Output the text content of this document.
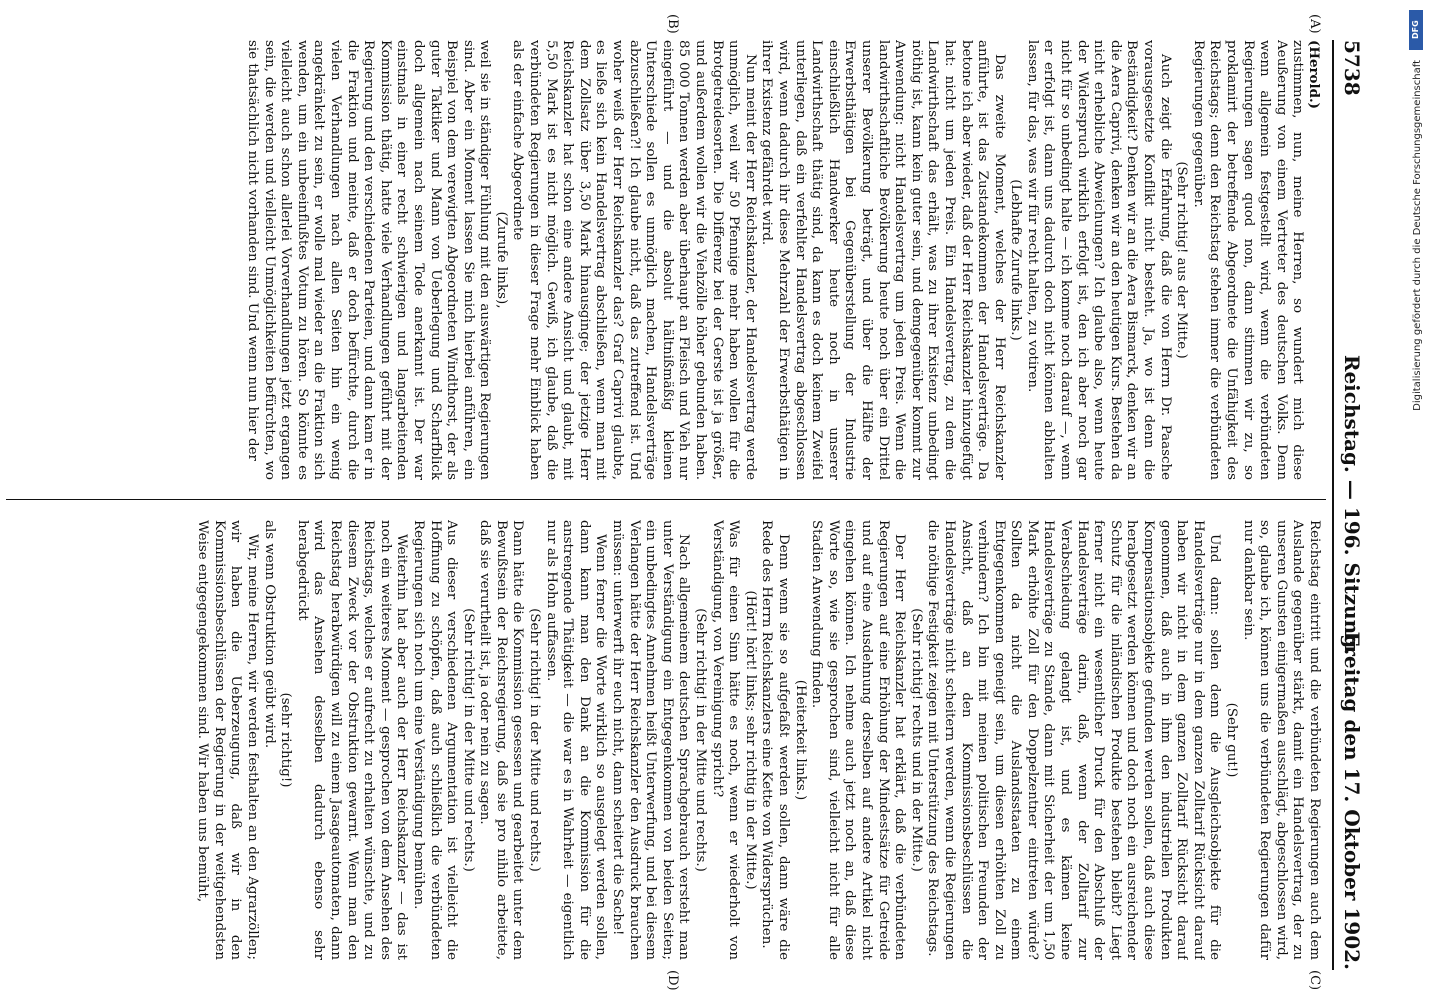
5738
Reichstag. — 196. Sitzung.
Freitag den 17. Oktober 1902.
(A)
(B)
(C)
(D)

(Herold.)

zustimmen, nun, meine Herren, so wundert mich diese Aeußerung von einem Vertreter des deutschen Volks. Denn wenn allgemein festgestellt wird, wenn die verbündeten Regierungen sagen quod non, dann stimmen wir zu, so proklamirt der betreffende Abgeordnete die Unfähigkeit des Reichstags; denn den Reichstag stehen immer die verbündeten Regierungen gegenüber.

(Sehr richtig! aus der Mitte.)

Auch zeigt die Erfahrung, daß die von Herrn Dr. Paasche vorausgesetzte Konflikt nicht besteht. Ja, wo ist denn die Beständigkeit? Denken wir an die Aera Bismarck, denken wir an die Aera Caprivi, denken wir an den heutigen Kurs. Bestehen da nicht erhebliche Abweichungen? Ich glaube also, wenn heute der Widerspruch wirklich erfolgt ist, den ich aber noch gar nicht für so unbedingt halte — ich komme noch darauf —, wenn er erfolgt ist, dann uns dadurch doch nicht können abhalten lassen, für das, was wir für recht halten, zu votiren.

(Lebhafte Zurufe links.)

Das zweite Moment, welches der Herr Reichskanzler anführte, ist das Zustandekommen der Handelsverträge. Da betone ich aber wieder, daß der Herr Reichskanzler hinzugefügt hat: nicht um jeden Preis. Ein Handelsvertrag, zu dem die Landwirthschaft das erhält, was zu ihrer Existenz unbedingt nöthig ist, kann kein guter sein, und demgegenüber kommt zur Anwendung: nicht Handelsvertrag um jeden Preis. Wenn die landwirthschaftliche Bevölkerung heute noch über ein Drittel unserer Bevölkerung beträgt, und über die Hälfte der Erwerbsthätigen bei Gegenüberstellung der Industrie einschließlich Handwerker heute noch in unserer Landwirthschaft thätig sind, da kann es doch keinem Zweifel unterliegen, daß ein verfehlter Handelsvertrag abgeschlossen wird, wenn dadurch ihr diese Mehrzahl der Erwerbsthätigen in ihrer Existenz gefährdet wird.

Nun meint der Herr Reichskanzler, der Handelsvertrag werde unmöglich, weil wir 50 Pfennige mehr haben wollen für die Brotgetreidesorten. Die Differenz bei der Gerste ist ja größer, und außerdem wollen wir die Viehzölle höher gebunden haben. 85 000 Tonnen werden aber überhaupt an Fleisch und Vieh nur eingeführt — und die absolut hältnißmäßig kleinen Unterschiede sollen es unmöglich machen, Handelsverträge abzuschließen?! Ich glaube nicht, daß das zutreffend ist. Und woher weiß der Herr Reichskanzler das? Graf Caprivi glaubte, es ließe sich kein Handelsvertrag abschließen, wenn man mit dem Zollsatz über 3,50 Mark hinausginge; der jetzige Herr Reichskanzler hat schon eine andere Ansicht und glaubt, mit 5,50 Mark ist es nicht möglich. Gewiß, ich glaube, daß die verbündeten Regierungen in dieser Frage mehr Einblick haben als der einfache Abgeordnete

(Zurufe links),

weil sie in ständiger Fühlung mit den auswärtigen Regierungen sind. Aber ein Moment lassen Sie mich hierbei anführen, ein Beispiel von dem verewigten Abgeordneten Windthorst, der als guter Taktiker und Mann von Ueberlegung und Scharfblick doch allgemein nach seinem Tode anerkannt ist. Der war einstmals in einer recht schwierigen und langarbeitenden Kommission thätig, hatte viele Verhandlungen geführt mit der Regierung und den verschiedenen Parteien, und dann kam er in die Fraktion und meinte, daß er doch befürchte, durch die vielen Verhandlungen nach allen Seiten hin ein wenig angekränkelt zu sein, er wolle mal wieder an die Fraktion sich wenden, um ein unbeeinflußtes Votum zu hören. So könnte es vielleicht auch schon allerlei Vorverhandlungen jetzt ergangen sein, die werden und vielleicht Unmöglichkeiten befürchten, wo sie thatsächlich nicht vorhanden sind. Und wenn nun hier der

Reichstag eintritt und die verbündeten Regierungen auch dem Auslande gegenüber stärkt, damit ein Handelsvertrag, der zu unseren Gunsten einigermaßen ausschlägt, abgeschlossen wird, so, glaube ich, können uns die verbündeten Regierungen dafür nur dankbar sein.

(Sehr gut!)

Und dann: sollen denn die Ausgleichsobjekte für die Handelsverträge nur in dem ganzen Zolltarif Rücksicht darauf haben wir nicht in dem ganzen Zolltarif Rücksicht darauf genommen, daß auch in ihm den industriellen Produkten Kompensationsobjekte gefunden werden sollen, daß auch diese herabgesetzt werden können und doch noch ein ausreichender Schutz für die inländischen Produkte bestehen bleibt? Liegt ferner nicht ein wesentlicher Druck für den Abschluß der Handelsverträge darin, daß, wenn der Zolltarif zur Verabschiedung gelangt ist, und es kämen keine Handelsverträge zu Stande, dann mit Sicherheit der um 1,50 Mark erhöhte Zoll für den Doppelzentner eintreten würde? Sollten da nicht die Auslandsstaaten zu einem Entgegenkommen geneigt sein, um diesen erhöhten Zoll zu verhindern? Ich bin mit meinen politischen Freunden der Ansicht, daß an den Kommissionsbeschlüssen die Handelsverträge nicht scheitern werden, wenn die Regierungen die nöthige Festigkeit zeigen mit Unterstützung des Reichstags.

(Sehr richtig! rechts und in der Mitte.)

Der Herr Reichskanzler hat erklärt, daß die verbündeten Regierungen auf eine Erhöhung der Mindestsätze für Getreide und auf eine Ausdehnung derselben auf andere Artikel nicht eingehen können. Ich nehme auch jetzt noch an, daß diese Worte so, wie sie gesprochen sind, vielleicht nicht für alle Stadien Anwendung finden.

(Heiterkeit links.)

Denn wenn sie so aufgefaßt werden sollen, dann wäre die Rede des Herrn Reichskanzlers eine Kette von Widersprüchen.

(Hört! hört! links; sehr richtig in der Mitte.)

Was für einen Sinn hätte es noch, wenn er wiederholt von Verständigung, von Vereinigung spricht?

(Sehr richtig! in der Mitte und rechts.)

Nach allgemeinem deutschen Sprachgebrauch versteht man unter Verständigung ein Entgegenkommen von beiden Seiten; ein unbedingtes Annehmen heißt Unterwerfung, und bei diesem Verlangen hätte der Herr Reichskanzler den Ausdruck brauchen müssen: unterwerft ihr euch nicht, dann scheitert die Sache!

Wenn ferner die Worte wirklich so ausgelegt werden sollen, dann kann man den Dank an die Kommission für die anstrengende Thätigkeit — die war es in Wahrheit — eigentlich nur als Hohn auffassen.

(Sehr richtig! in der Mitte und rechts.)

Dann hätte die Kommission gesessen und gearbeitet unter dem Bewußtsein der Reichsregierung, daß sie pro nihilo arbeitete, daß sie verurtheilt ist, ja oder nein zu sagen.

(Sehr richtig! in der Mitte und rechts.)

Aus dieser verschiedenen Argumentation ist vielleicht die Hoffnung zu schöpfen, daß auch schließlich die verbündeten Regierungen sich noch um eine Verständigung bemühen.

Weiterhin hat aber auch der Herr Reichskanzler — das ist noch ein weiteres Moment — gesprochen von dem Ansehen des Reichstags, welches er aufrecht zu erhalten wünschte, und zu diesem Zweck vor der Obstruktion gewarnt. Wenn man den Reichstag herabwürdigen will zu einem Jasageautomaten, dann wird das Ansehen desselben dadurch ebenso sehr herabgedrückt

(sehr richtig!)

als wenn Obstruktion geübt wird.

Wir, meine Herren, wir werden festhalten an den Agrarzöllen; wir haben die Ueberzeugung, daß wir in den Kommissionsbeschlüssen der Regierung in der weitgehendsten Weise entgegengekommen sind. Wir haben uns bemüht,

DFG
Digitalisierung gefördert durch die Deutsche Forschungsgemeinschaft
